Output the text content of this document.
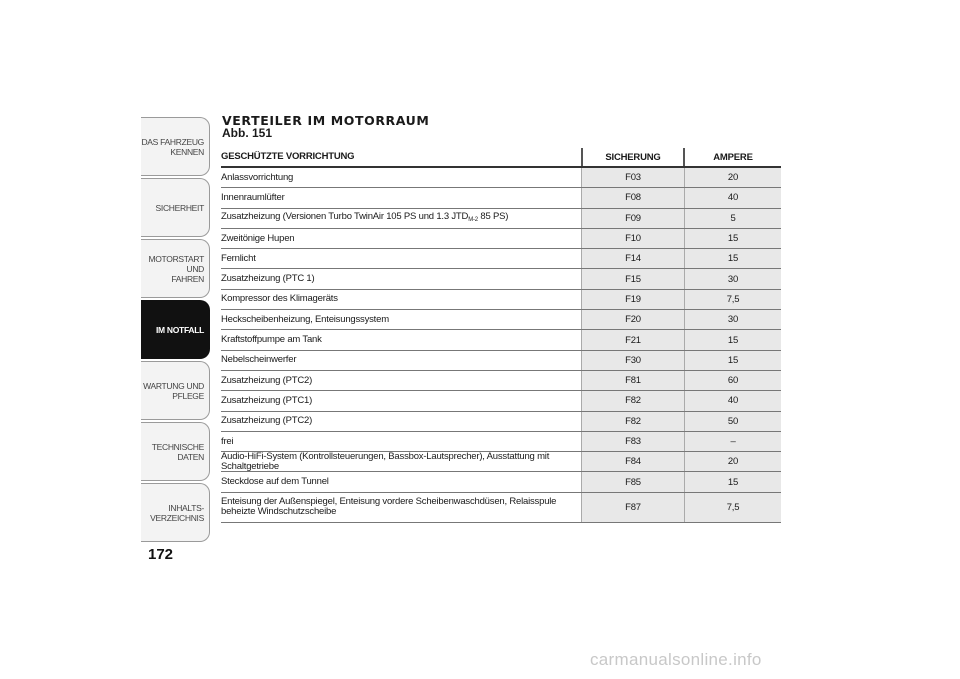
DAS FAHRZEUG
KENNEN
SICHERHEIT
MOTORSTART UND
FAHREN
IM NOTFALL
WARTUNG UND
PFLEGE
TECHNISCHE DATEN
INHALTS-
VERZEICHNIS
172
VERTEILER IM MOTORRAUM
Abb. 151
GESCHÜTZTE VORRICHTUNG	SICHERUNG	AMPERE
Anlassvorrichtung	F03	20
Innenraumlüfter	F08	40
Zusatzheizung (Versionen Turbo TwinAir 105 PS und 1.3 $JTD_{M-2}$ 85 PS)	F09	5
Zweitönige Hupen	F10	15
Fernlicht	F14	15
Zusatzheizung (PTC 1)	F15	30
Kompressor des Klimageräts	F19	7,5
Heckscheibenheizung, Enteisungssystem	F20	30
Kraftstoffpumpe am Tank	F21	15
Nebelscheinwerfer	F30	15
Zusatzheizung (PTC2)	F81	60
Zusatzheizung (PTC1)	F82	40
Zusatzheizung (PTC2)	F82	50
frei	F83	–
Audio-HiFi-System (Kontrollsteuerungen, Bassbox-Lautsprecher), Ausstattung mit Schaltgetriebe	F84	20
Steckdose auf dem Tunnel	F85	15
Enteisung der Außenspiegel, Enteisung vordere Scheibenwaschdüsen, Relaisspule beheizte Windschutzscheibe	F87	7,5
carmanualsonline.info
